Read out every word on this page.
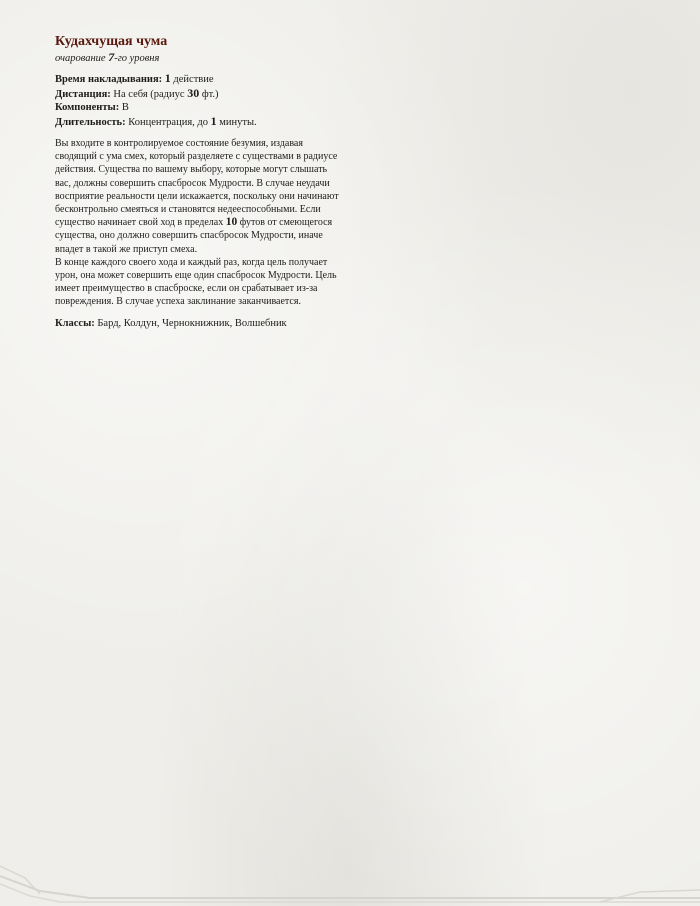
Кудахчущая чума
очарование 7-го уровня

Время накладывания: 1 действие

Дистанция: На себя (радиус 30 фт.)

Компоненты: В

Длительность: Концентрация, до 1 минуты.

Вы входите в контролируемое состояние безумия, издавая сводящий с ума смех, который разделяете с существами в радиусе действия. Существа по вашему выбору, которые могут слышать вас, должны совершить спасбросок Мудрости. В случае неудачи восприятие реальности цели искажается, поскольку они начинают бесконтрольно смеяться и становятся недееспособными. Если существо начинает свой ход в пределах 10 футов от смеющегося существа, оно должно совершить спасбросок Мудрости, иначе впадет в такой же приступ смеха.

В конце каждого своего хода и каждый раз, когда цель получает урон, она может совершить еще один спасбросок Мудрости. Цель имеет преимущество в спасброске, если он срабатывает из-за повреждения. В случае успеха заклинание заканчивается.

Классы: Бард, Колдун, Чернокнижник, Волшебник
